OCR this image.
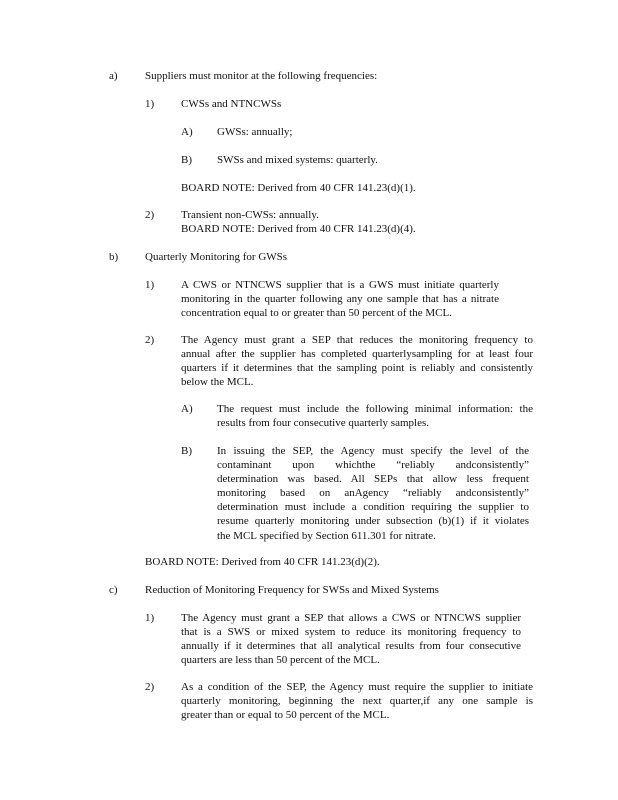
a) Suppliers must monitor at the following frequencies:
1) CWSs and NTNCWSs
A) GWSs: annually;
B) SWSs and mixed systems: quarterly.
BOARD NOTE: Derived from 40 CFR 141.23(d)(1).
2) Transient non-CWSs: annually.
BOARD NOTE: Derived from 40 CFR 141.23(d)(4).
b) Quarterly Monitoring for GWSs
1) A CWS or NTNCWS supplier that is a GWS must initiate quarterly
monitoring in the quarter following any one sample that has a nitrate
concentration equal to or greater than 50 percent of the MCL.
2) The Agency must grant a SEP that reduces the monitoring frequency to
annual after the supplier has completed quarterlysampling for at least four
quarters if it determines that the sampling point is reliably and consistently
below the MCL.
A) The request must include the following minimal information: the
results from four consecutive quarterly samples.
B) In issuing the SEP, the Agency must specify the level of the
contaminant upon whichthe “reliably andconsistently”
determination was based. All SEPs that allow less frequent
monitoring based on anAgency “reliably andconsistently”
determination must include a condition requiring the supplier to
resume quarterly monitoring under subsection (b)(1) if it violates
the MCL specified by Section 611.301 for nitrate.
BOARD NOTE: Derived from 40 CFR 141.23(d)(2).
c) Reduction of Monitoring Frequency for SWSs and Mixed Systems
1) The Agency must grant a SEP that allows a CWS or NTNCWS supplier
that is a SWS or mixed system to reduce its monitoring frequency to
annually if it determines that all analytical results from four consecutive
quarters are less than 50 percent of the MCL.
2) As a condition of the SEP, the Agency must require the supplier to initiate
quarterly monitoring, beginning the next quarter,if any one sample is
greater than or equal to 50 percent of the MCL.
